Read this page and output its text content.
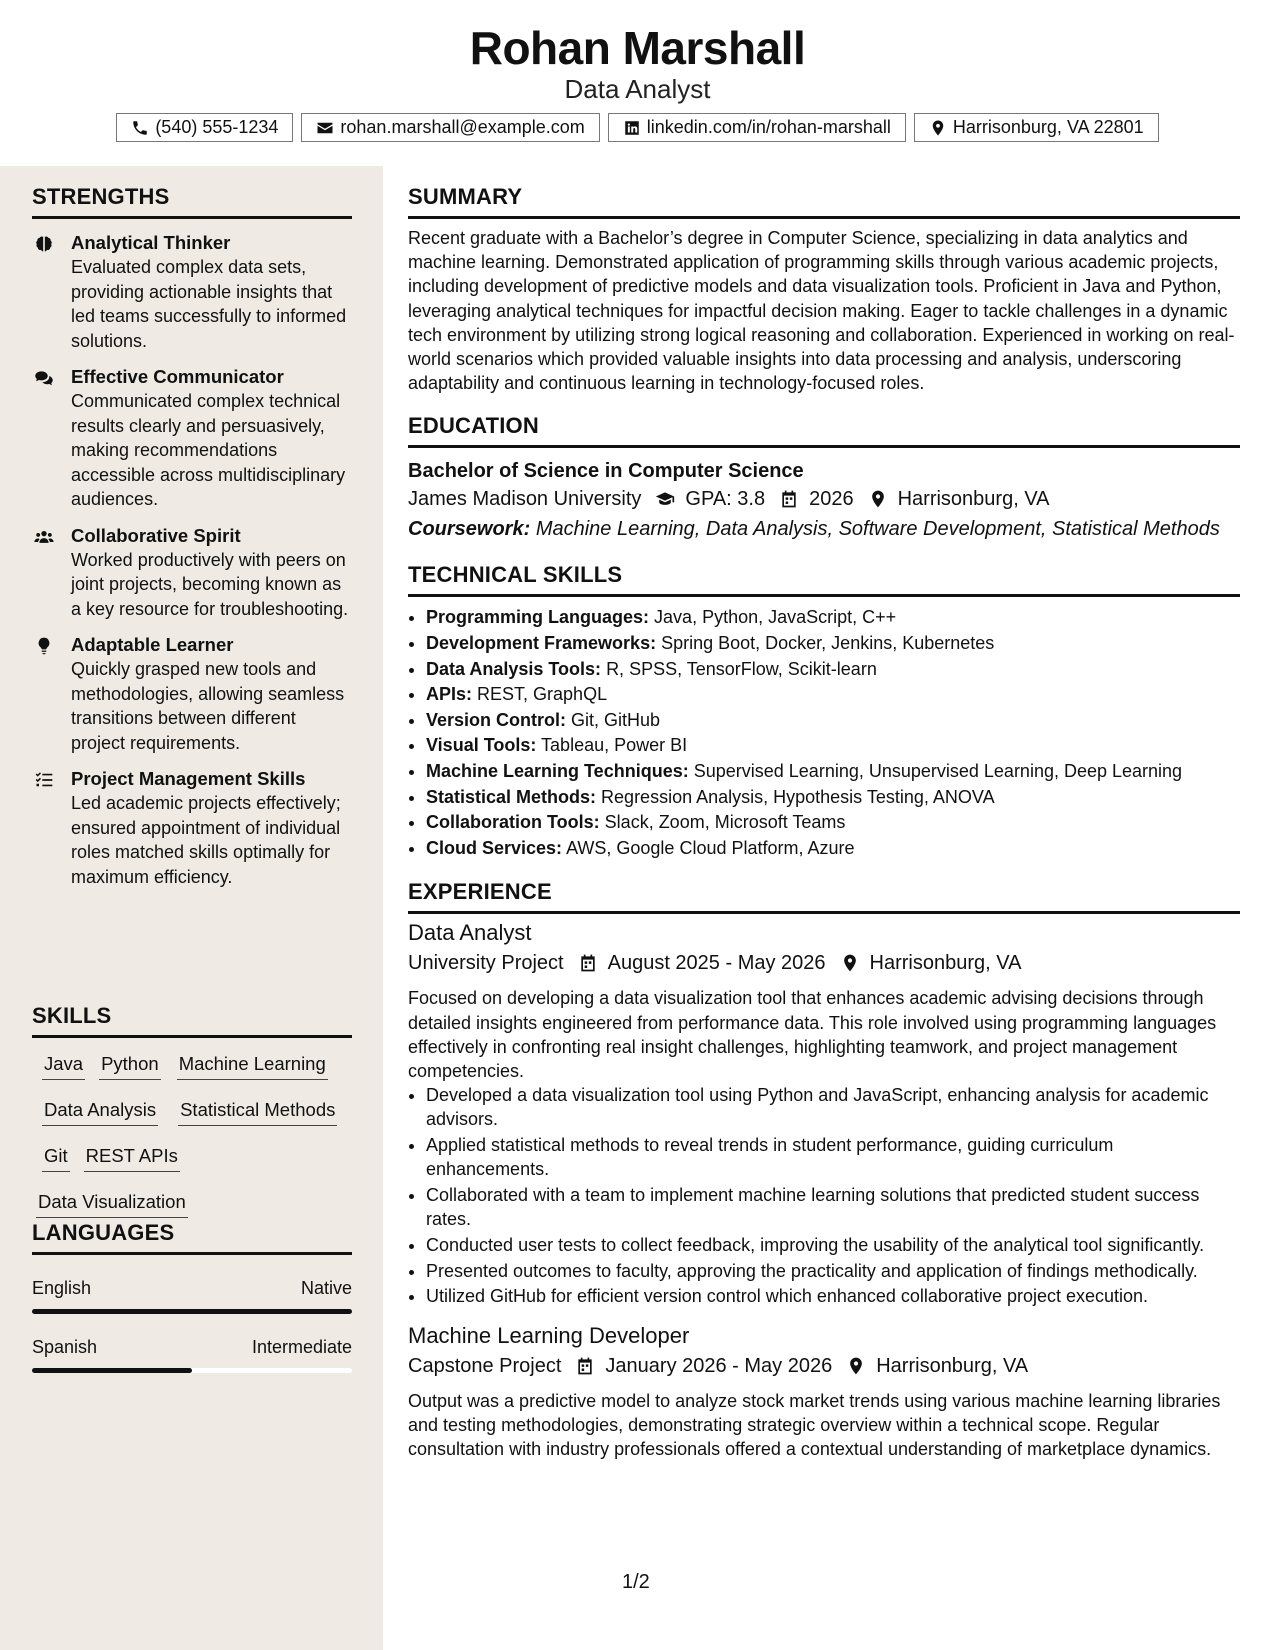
Rohan Marshall
Data Analyst
(540) 555-1234	rohan.marshall@example.com	linkedin.com/in/rohan-marshall	Harrisonburg, VA 22801
STRENGTHS
Analytical Thinker
Evaluated complex data sets, providing actionable insights that led teams successfully to informed solutions.
Effective Communicator
Communicated complex technical results clearly and persuasively, making recommendations accessible across multidisciplinary audiences.
Collaborative Spirit
Worked productively with peers on joint projects, becoming known as a key resource for troubleshooting.
Adaptable Learner
Quickly grasped new tools and methodologies, allowing seamless transitions between different project requirements.
Project Management Skills
Led academic projects effectively; ensured appointment of individual roles matched skills optimally for maximum efficiency.
SKILLS
Java Python Machine Learning
Data Analysis Statistical Methods
Git REST APIs
Data Visualization
LANGUAGES
English	Native
Spanish	Intermediate
SUMMARY
Recent graduate with a Bachelor’s degree in Computer Science, specializing in data analytics and machine learning. Demonstrated application of programming skills through various academic projects, including development of predictive models and data visualization tools. Proficient in Java and Python, leveraging analytical techniques for impactful decision making. Eager to tackle challenges in a dynamic tech environment by utilizing strong logical reasoning and collaboration. Experienced in working on real-world scenarios which provided valuable insights into data processing and analysis, underscoring adaptability and continuous learning in technology-focused roles.
EDUCATION
Bachelor of Science in Computer Science
James Madison University GPA: 3.8 2026 Harrisonburg, VA
Coursework: Machine Learning, Data Analysis, Software Development, Statistical Methods
TECHNICAL SKILLS
• Programming Languages: Java, Python, JavaScript, C++
• Development Frameworks: Spring Boot, Docker, Jenkins, Kubernetes
• Data Analysis Tools: R, SPSS, TensorFlow, Scikit-learn
• APIs: REST, GraphQL
• Version Control: Git, GitHub
• Visual Tools: Tableau, Power BI
• Machine Learning Techniques: Supervised Learning, Unsupervised Learning, Deep Learning
• Statistical Methods: Regression Analysis, Hypothesis Testing, ANOVA
• Collaboration Tools: Slack, Zoom, Microsoft Teams
• Cloud Services: AWS, Google Cloud Platform, Azure
EXPERIENCE
Data Analyst
University Project August 2025 - May 2026 Harrisonburg, VA
Focused on developing a data visualization tool that enhances academic advising decisions through detailed insights engineered from performance data. This role involved using programming languages effectively in confronting real insight challenges, highlighting teamwork, and project management competencies.
• Developed a data visualization tool using Python and JavaScript, enhancing analysis for academic advisors.
• Applied statistical methods to reveal trends in student performance, guiding curriculum enhancements.
• Collaborated with a team to implement machine learning solutions that predicted student success rates.
• Conducted user tests to collect feedback, improving the usability of the analytical tool significantly.
• Presented outcomes to faculty, approving the practicality and application of findings methodically.
• Utilized GitHub for efficient version control which enhanced collaborative project execution.
Machine Learning Developer
Capstone Project January 2026 - May 2026 Harrisonburg, VA
Output was a predictive model to analyze stock market trends using various machine learning libraries and testing methodologies, demonstrating strategic overview within a technical scope. Regular consultation with industry professionals offered a contextual understanding of marketplace dynamics.
1/2
